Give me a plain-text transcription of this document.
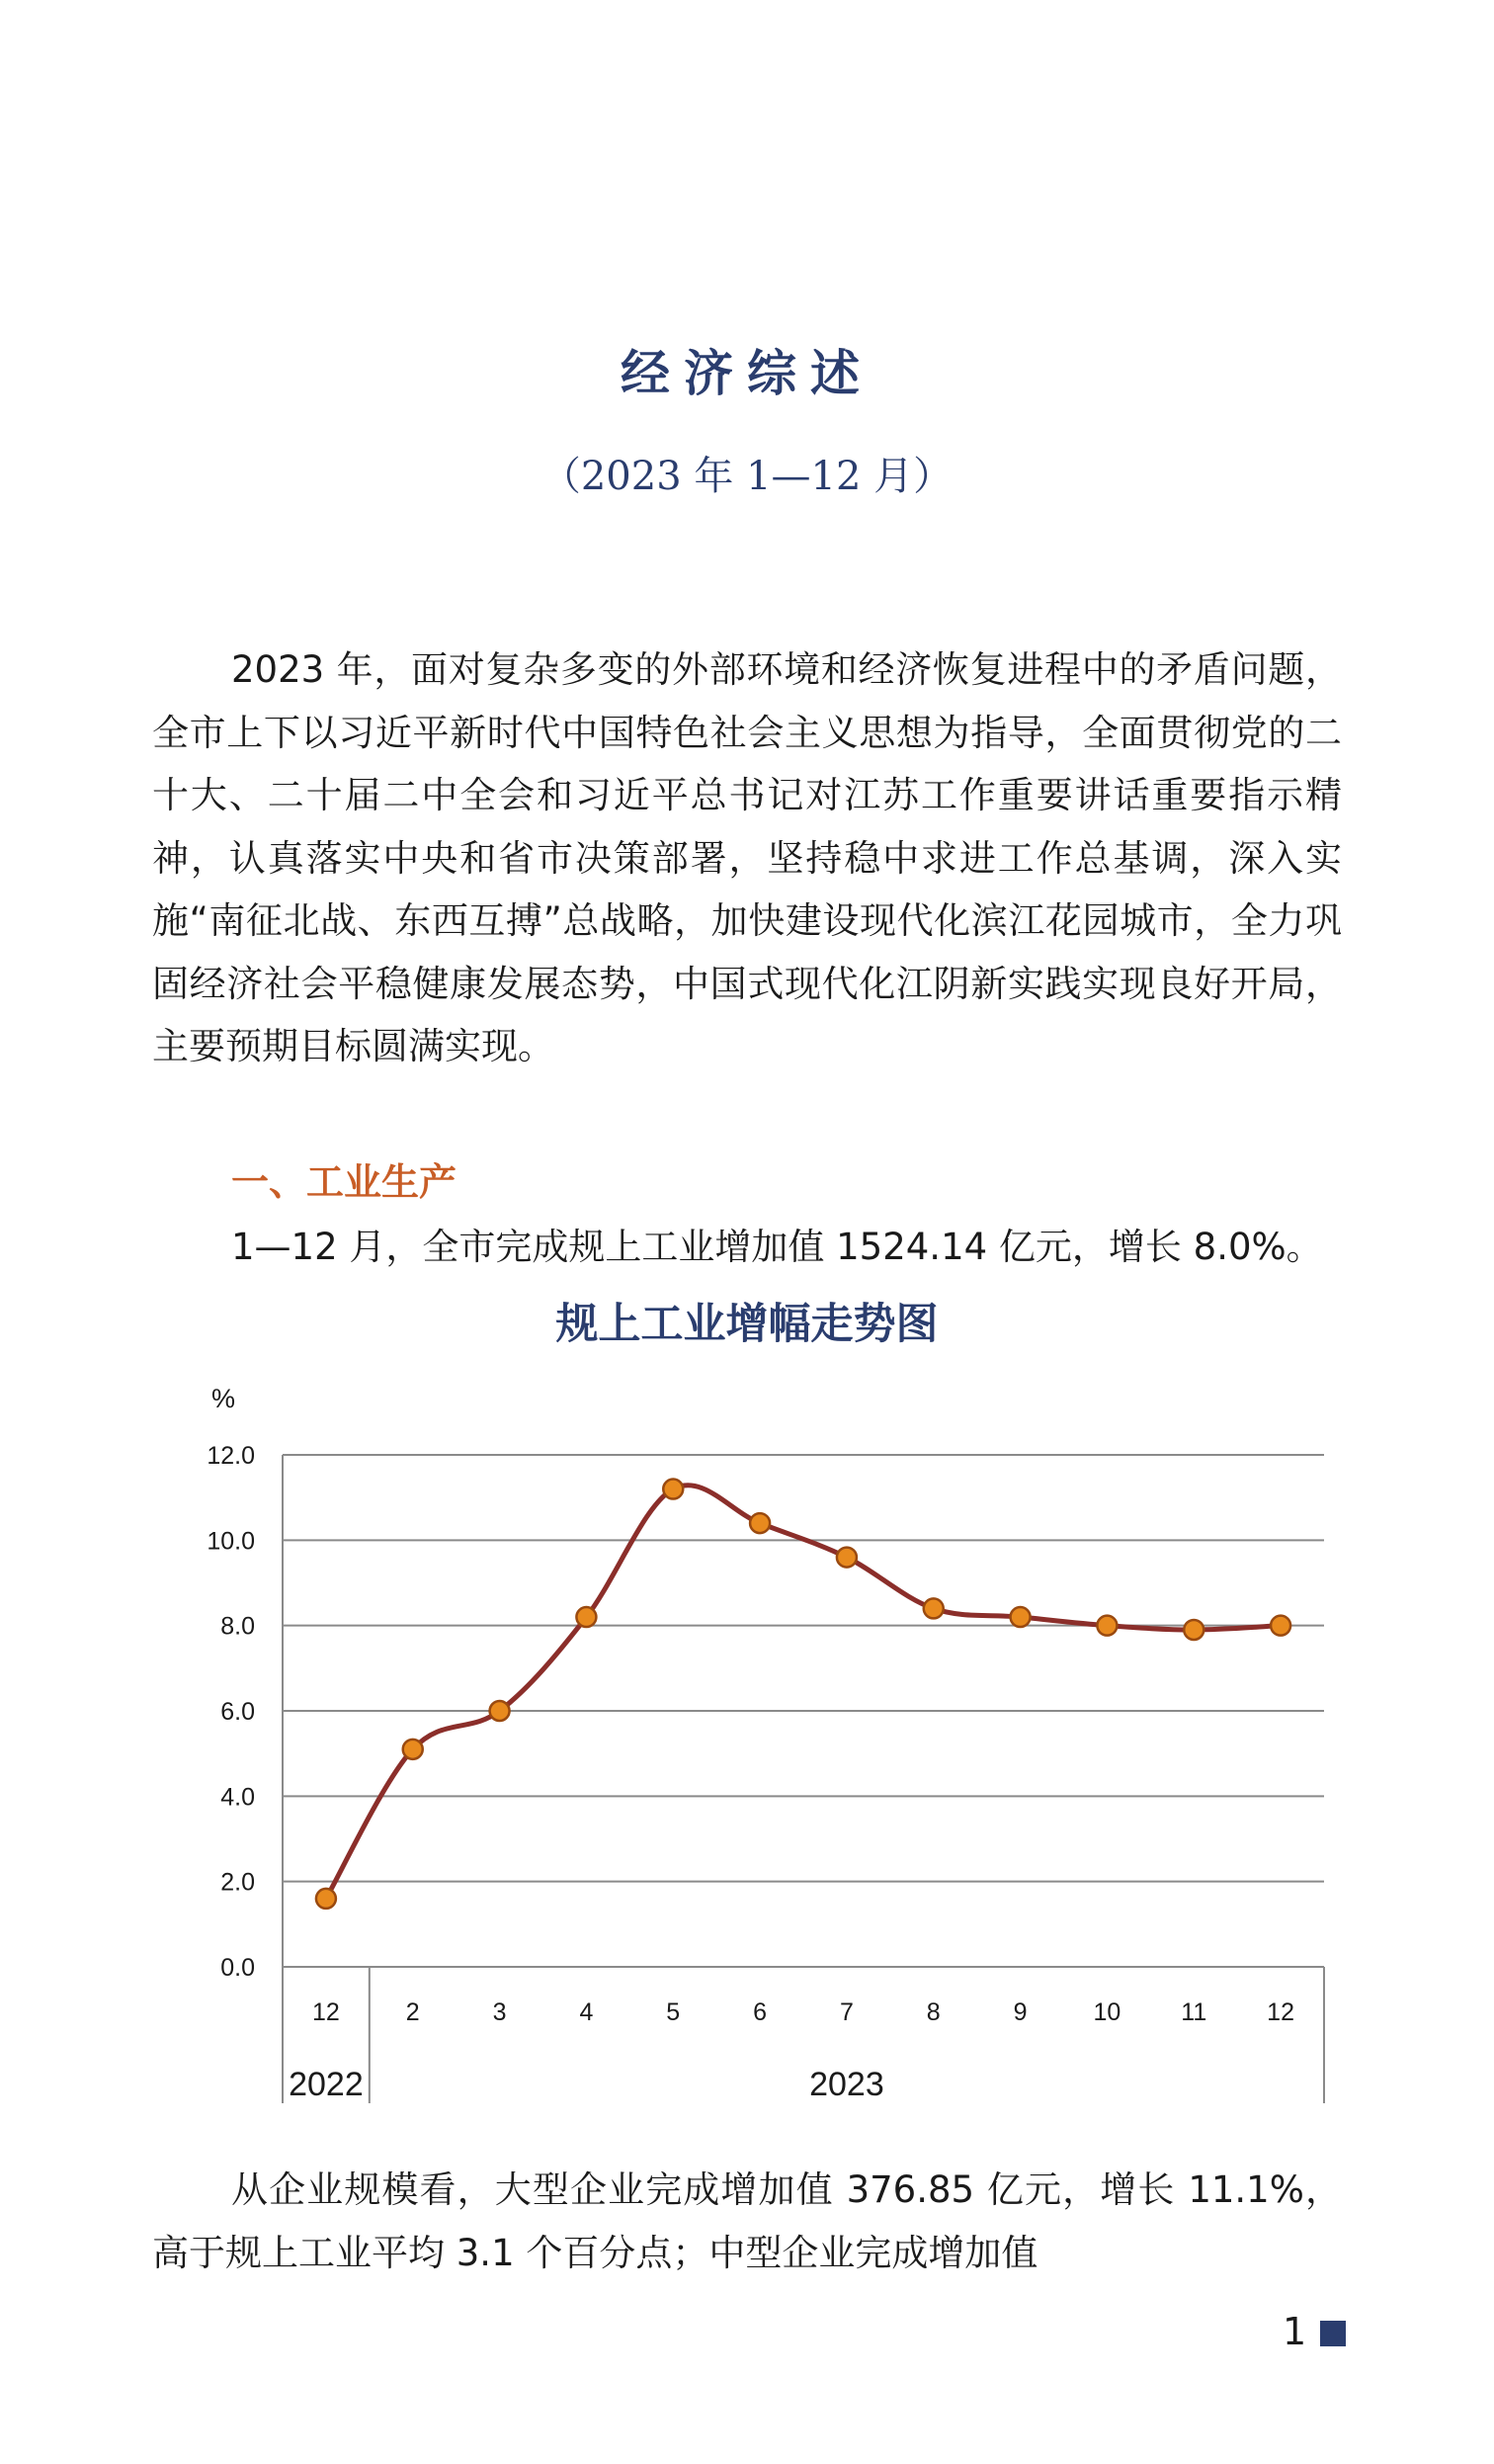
经济综述

（2023 年 1—12 月）

2023 年，面对复杂多变的外部环境和经济恢复进程中的矛盾问题，全市上下以习近平新时代中国特色社会主义思想为指导，全面贯彻党的二十大、二十届二中全会和习近平总书记对江苏工作重要讲话重要指示精神，认真落实中央和省市决策部署，坚持稳中求进工作总基调，深入实施“南征北战、东西互搏”总战略，加快建设现代化滨江花园城市，全力巩固经济社会平稳健康发展态势，中国式现代化江阴新实践实现良好开局，主要预期目标圆满实现。

一、工业生产

1—12 月，全市完成规上工业增加值 1524.14 亿元，增长 8.0%。

规上工业增幅走势图
0.0
2.0
4.0
6.0
8.0
10.0
12.0
%
12	2	3	4	5	6	7	8	9	10 11 12
2022	2023

从企业规模看，大型企业完成增加值 376.85 亿元，增长 11.1%，高于规上工业平均 3.1 个百分点；中型企业完成增加值

1
